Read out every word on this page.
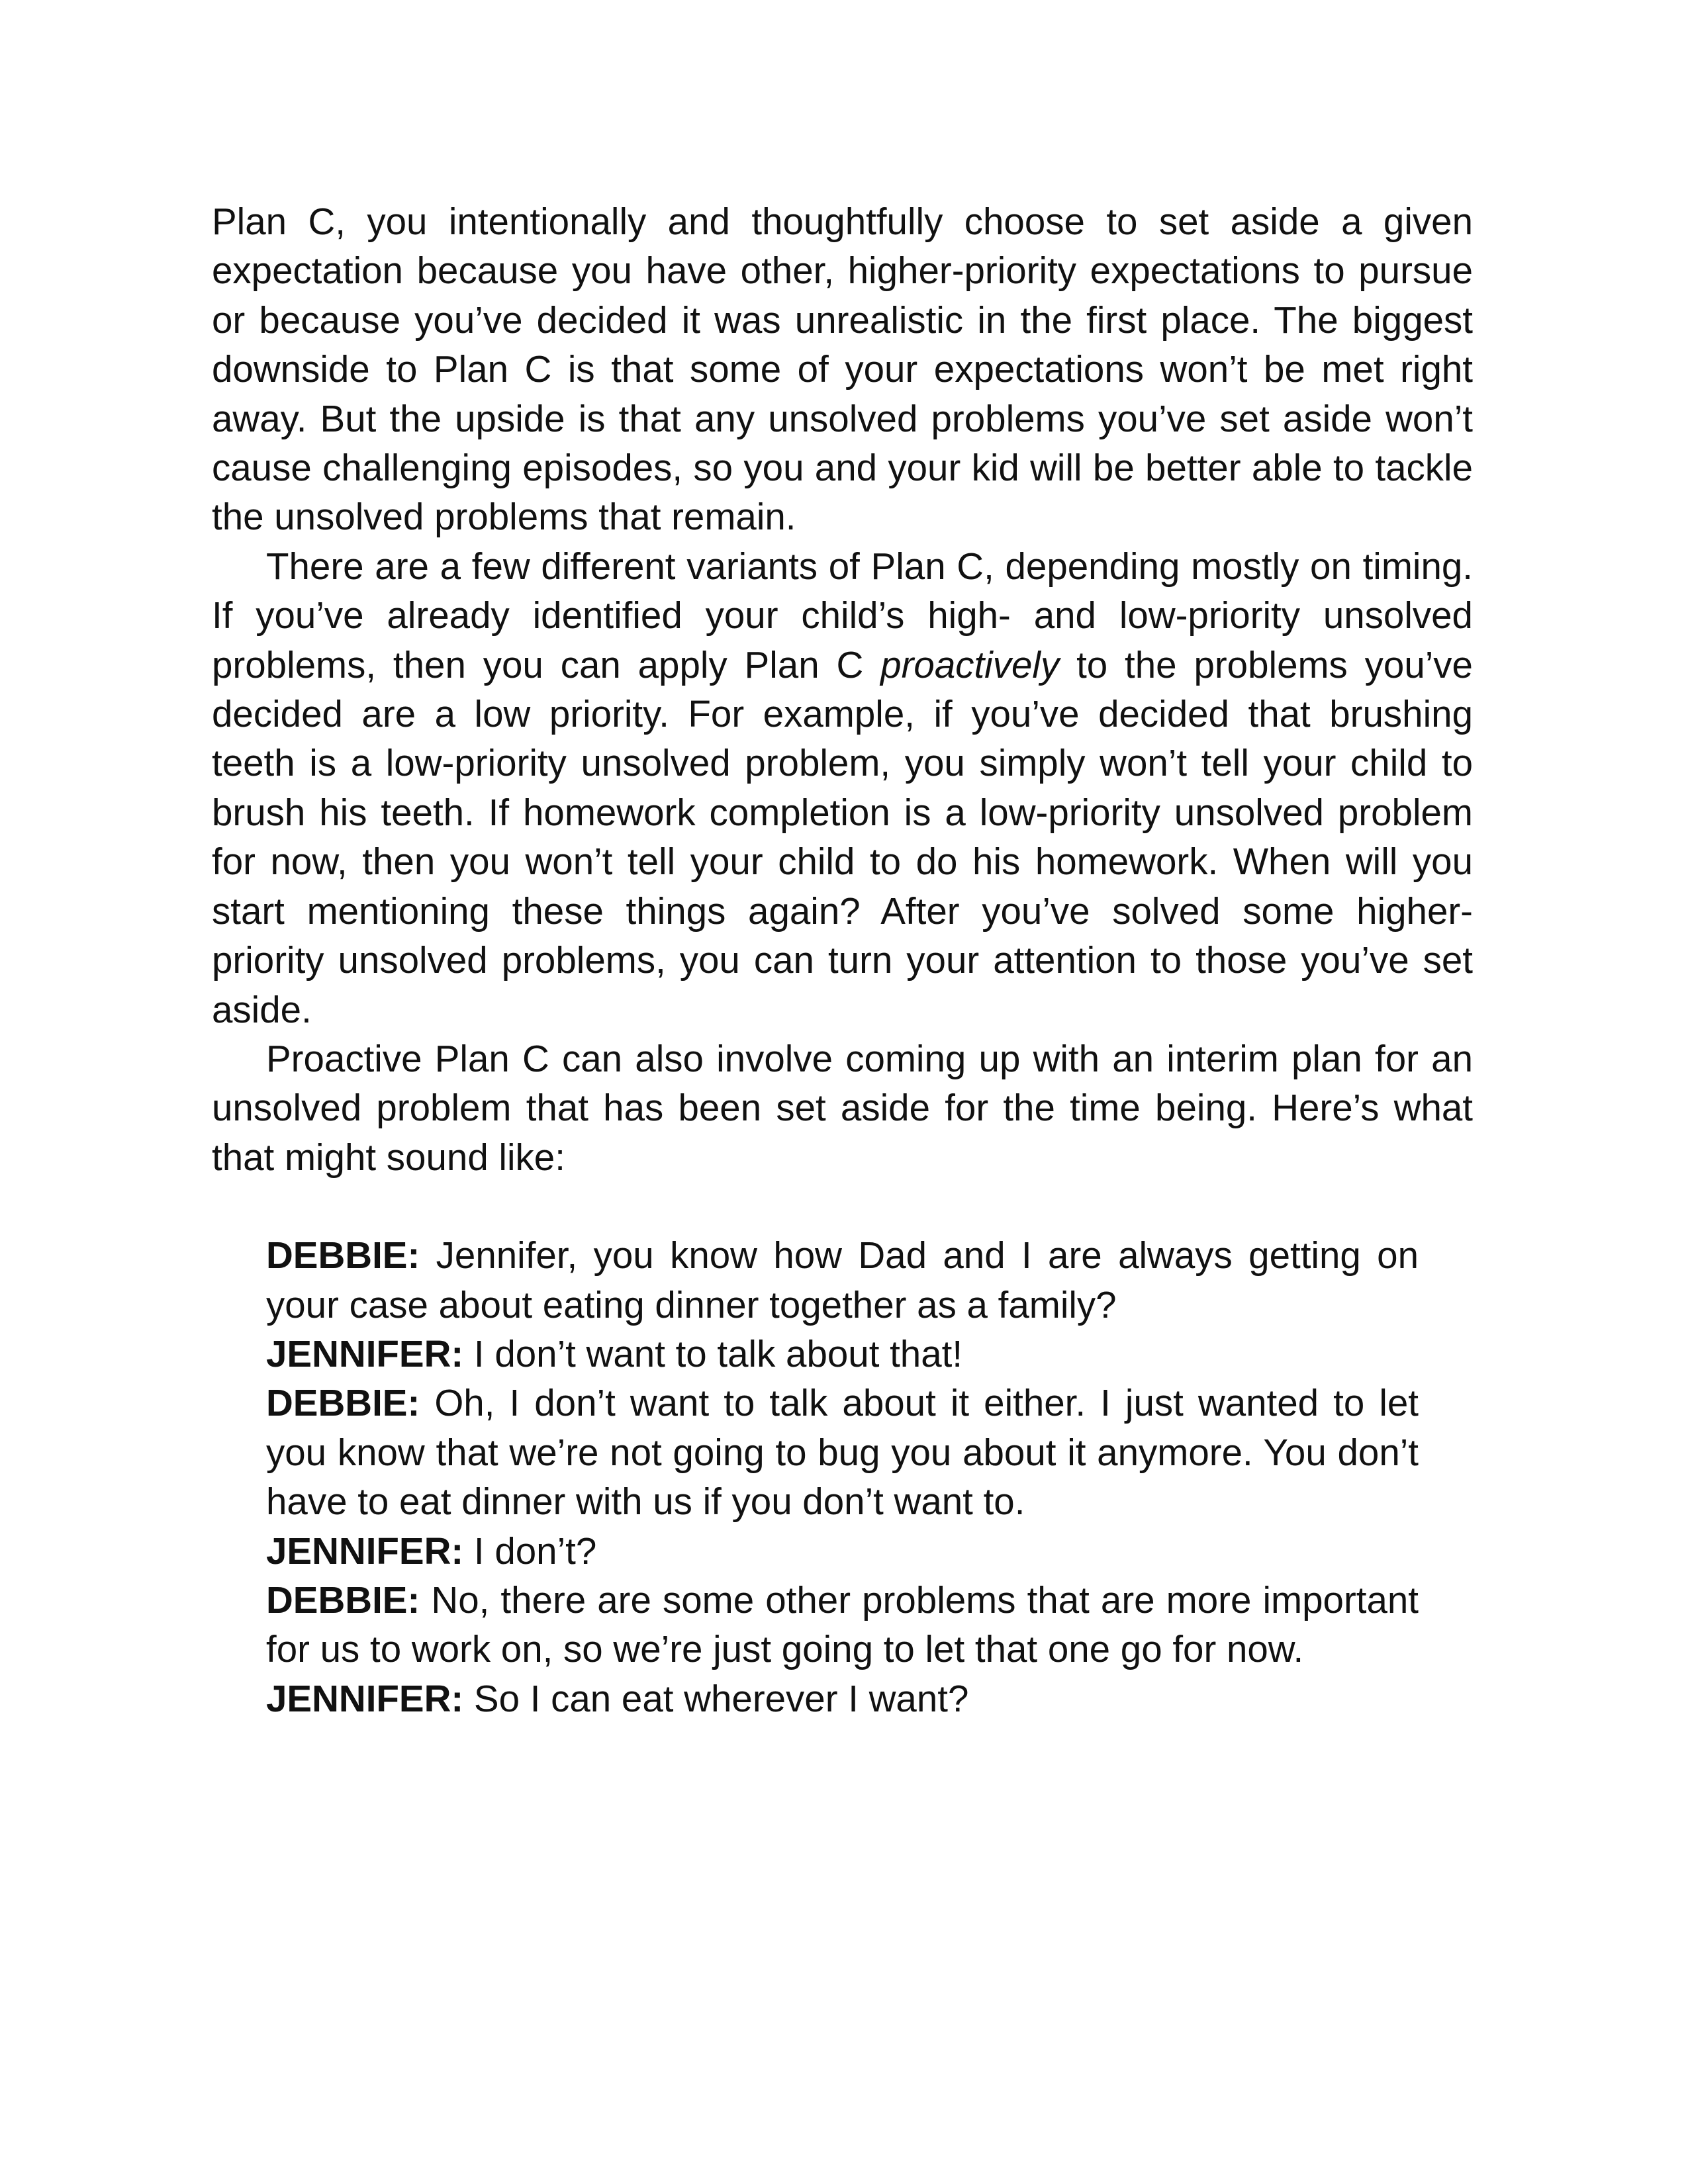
Plan C, you intentionally and thoughtfully choose to set aside a given expectation because you have other, higher-priority expectations to pursue or because you’ve decided it was unrealistic in the first place. The biggest downside to Plan C is that some of your expectations won’t be met right away. But the upside is that any unsolved problems you’ve set aside won’t cause challenging episodes, so you and your kid will be better able to tackle the unsolved problems that remain.

There are a few different variants of Plan C, depending mostly on timing. If you’ve already identified your child’s high- and low-priority unsolved problems, then you can apply Plan C proactively to the problems you’ve decided are a low priority. For example, if you’ve decided that brushing teeth is a low-priority unsolved problem, you simply won’t tell your child to brush his teeth. If homework completion is a low-priority unsolved problem for now, then you won’t tell your child to do his homework. When will you start mentioning these things again? After you’ve solved some higher-priority unsolved problems, you can turn your attention to those you’ve set aside.

Proactive Plan C can also involve coming up with an interim plan for an unsolved problem that has been set aside for the time being. Here’s what that might sound like:

DEBBIE: Jennifer, you know how Dad and I are always getting on your case about eating dinner together as a family?

JENNIFER: I don’t want to talk about that!

DEBBIE: Oh, I don’t want to talk about it either. I just wanted to let you know that we’re not going to bug you about it anymore. You don’t have to eat dinner with us if you don’t want to.

JENNIFER: I don’t?

DEBBIE: No, there are some other problems that are more important for us to work on, so we’re just going to let that one go for now.

JENNIFER: So I can eat wherever I want?
